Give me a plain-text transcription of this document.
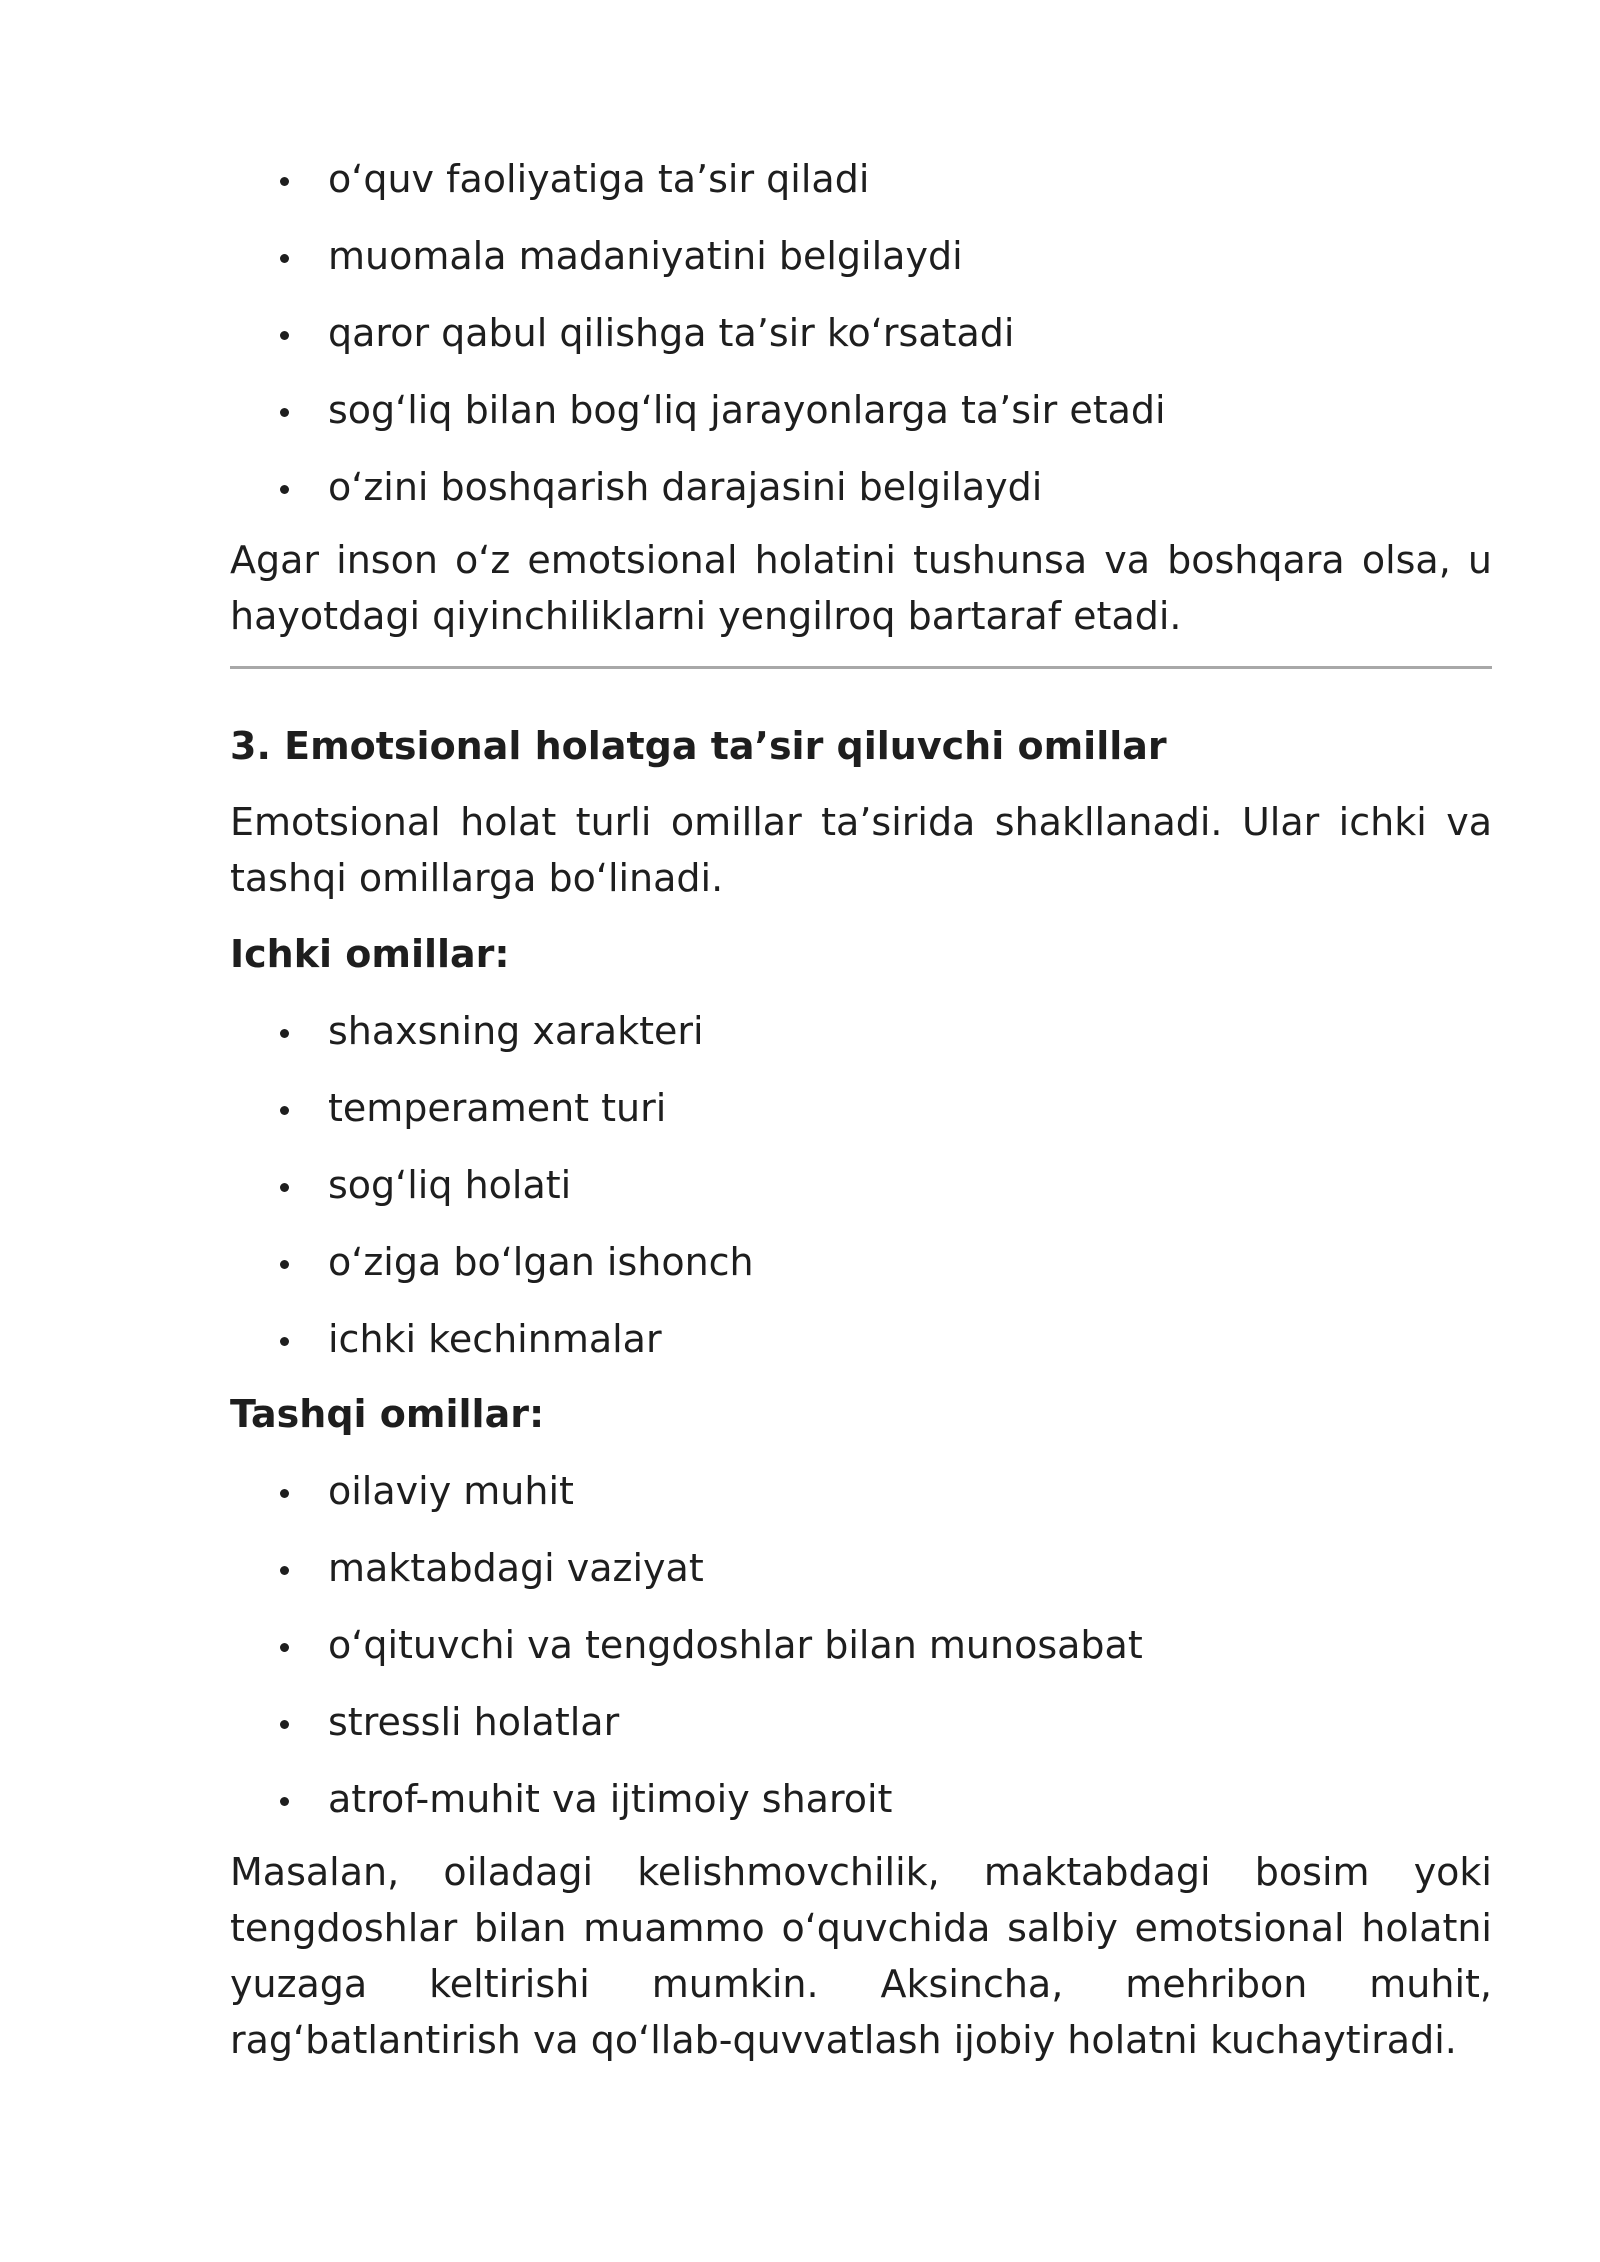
o‘quv faoliyatiga ta’sir qiladi
muomala madaniyatini belgilaydi
qaror qabul qilishga ta’sir ko‘rsatadi
sog‘liq bilan bog‘liq jarayonlarga ta’sir etadi
o‘zini boshqarish darajasini belgilaydi

Agar inson o‘z emotsional holatini tushunsa va boshqara olsa, u hayotdagi qiyinchiliklarni yengilroq bartaraf etadi.

3. Emotsional holatga ta’sir qiluvchi omillar

Emotsional holat turli omillar ta’sirida shakllanadi. Ular ichki va tashqi omillarga bo‘linadi.

Ichki omillar:
shaxsning xarakteri
temperament turi
sog‘liq holati
o‘ziga bo‘lgan ishonch
ichki kechinmalar
Tashqi omillar:
oilaviy muhit
maktabdagi vaziyat
o‘qituvchi va tengdoshlar bilan munosabat
stressli holatlar
atrof-muhit va ijtimoiy sharoit

Masalan, oiladagi kelishmovchilik, maktabdagi bosim yoki tengdoshlar bilan muammo o‘quvchida salbiy emotsional holatni yuzaga keltirishi mumkin. Aksincha, mehribon muhit, rag‘batlantirish va qo‘llab-quvvatlash ijobiy holatni kuchaytiradi.
